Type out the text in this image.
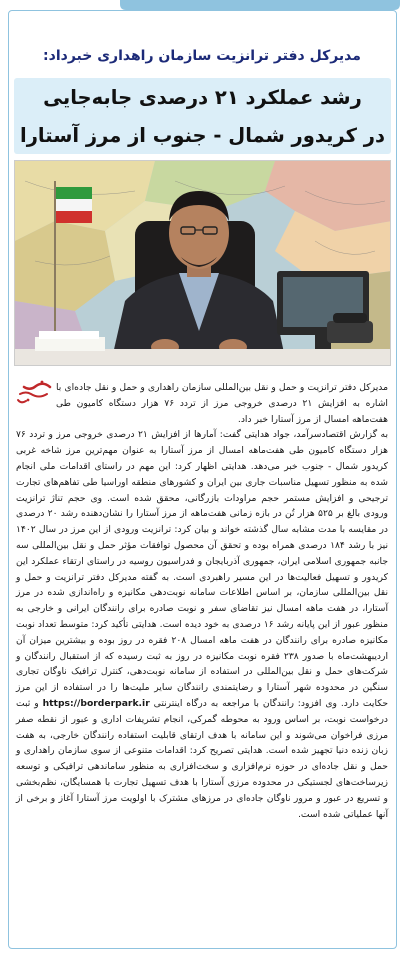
مدیرکل دفتر ترانزیت سازمان راهداری خبرداد:
رشد عملکرد ۲۱ درصدی جابه‌جایی
در کریدور شمال - جنوب از مرز آستارا

مدیرکل دفتر ترانزیت و حمل و نقل بین‌المللی سازمان راهداری و حمل و نقل جاده‌ای با اشاره به افزایش ۲۱ درصدی خروجی مرز از تردد ۷۶ هزار دستگاه کامیون طی هفت‌ماهه امسال از مرز آستارا خبر داد.

به گزارش اقتصادسرآمد، جواد هدایتی گفت: آمارها از افزایش ۲۱ درصدی خروجی مرز و تردد ۷۶ هزار دستگاه کامیون طی هفت‌ماهه امسال از مرز آستارا به عنوان مهم‌ترین مرز شاخه غربی کریدور شمال - جنوب خبر می‌دهد. هدایتی اظهار کرد: این مهم در راستای اقدامات ملی انجام شده به منظور تسهیل مناسبات جاری بین ایران و کشورهای منطقه اوراسیا طی تفاهم‌های تجارت ترجیحی و افزایش مستمر حجم مراودات بازرگانی، محقق شده است. وی حجم تناژ ترانزیت ورودی بالغ بر ۵۲۵ هزار تُن در بازه زمانی هفت‌ماهه از مرز آستارا را نشان‌دهنده رشد ۲۰ درصدی در مقایسه با مدت مشابه سال گذشته خواند و بیان کرد: ترانزیت ورودی از این مرز در سال ۱۴۰۲ نیز با رشد ۱۸۴ درصدی همراه بوده و تحقق آن محصول توافقات مؤثر حمل و نقل بین‌المللی سه جانبه جمهوری اسلامی ایران، جمهوری آذربایجان و فدراسیون روسیه در راستای ارتقاء عملکرد این کریدور و تسهیل فعالیت‌ها در این مسیر راهبردی است. به گفته مدیرکل دفتر ترانزیت و حمل و نقل بین‌المللی سازمان، بر اساس اطلاعات سامانه نوبت‌دهی مکانیزه و راه‌اندازی شده در مرز آستارا، در هفت ماهه امسال نیز تقاضای سفر و نوبت صادره برای رانندگان ایرانی و خارجی به منظور عبور از این پایانه رشد ۱۶ درصدی به خود دیده است. هدایتی تأکید کرد: متوسط تعداد نوبت مکانیزه صادره برای رانندگان در هفت ماهه امسال ۲۰۸ فقره در روز بوده و بیشترین میزان آن اردیبهشت‌ماه با صدور ۲۳۸ فقره نوبت مکانیزه در روز به ثبت رسیده که از استقبال رانندگان و شرکت‌های حمل و نقل بین‌المللی در استفاده از سامانه نوبت‌دهی، کنترل ترافیک ناوگان تجاری سنگین در محدوده شهر آستارا و رضایتمندی رانندگان سایر ملیت‌ها را در استفاده از این مرز حکایت دارد. وی افزود: رانندگان با مراجعه به درگاه اینترنتی https://borderpark.ir و ثبت درخواست نوبت، بر اساس ورود به محوطه گمرکی، انجام تشریفات اداری و عبور از نقطه صفر مرزی فراخوان می‌شوند و این سامانه با هدف ارتقای قابلیت استفاده رانندگان خارجی، به هفت زبان زنده دنیا تجهیز شده است. هدایتی تصریح کرد: اقدامات متنوعی از سوی سازمان راهداری و حمل و نقل جاده‌ای در حوزه نرم‌افزاری و سخت‌افزاری به منظور ساماندهی ترافیکی و توسعه زیرساخت‌های لجستیکی در محدوده مرزی آستارا با هدف تسهیل تجارت با همسایگان، نظم‌بخشی و تسریع در عبور و مرور ناوگان جاده‌ای در مرزهای مشترک با اولویت مرز آستارا آغاز و برخی از آنها عملیاتی شده است.
